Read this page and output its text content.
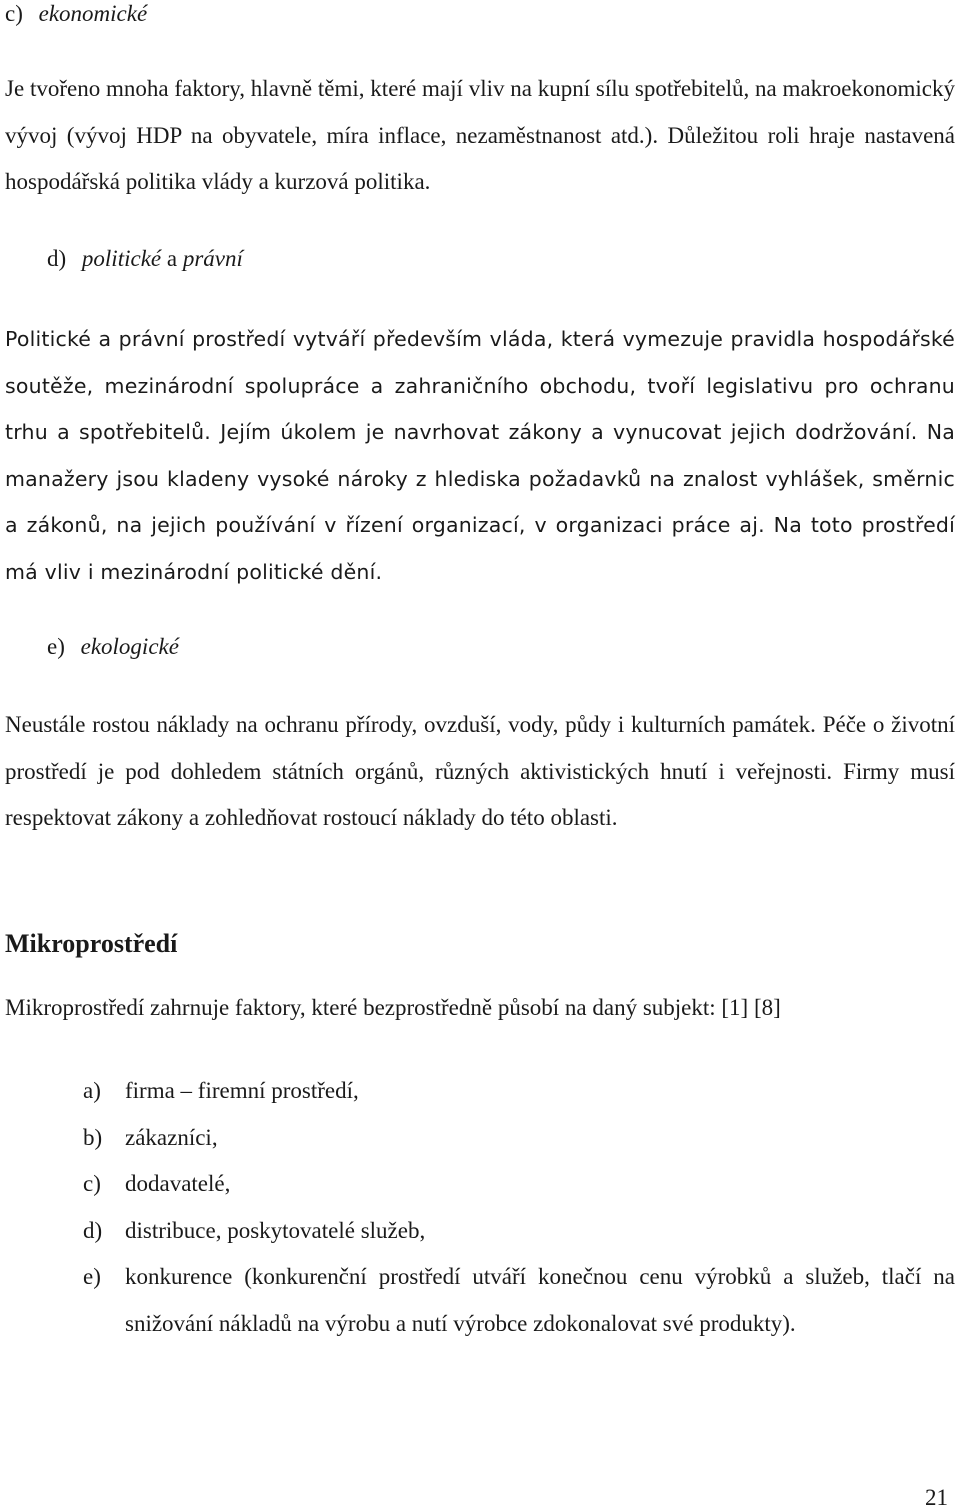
c) ekonomické
Je tvořeno mnoha faktory, hlavně těmi, které mají vliv na kupní sílu spotřebitelů, na makroekonomický vývoj (vývoj HDP na obyvatele, míra inflace, nezaměstnanost atd.). Důležitou roli hraje nastavená hospodářská politika vlády a kurzová politika.
d) politické a právní
Politické a právní prostředí vytváří především vláda, která vymezuje pravidla hospodářské soutěže, mezinárodní spolupráce a zahraničního obchodu, tvoří legislativu pro ochranu trhu a spotřebitelů. Jejím úkolem je navrhovat zákony a vynucovat jejich dodržování. Na manažery jsou kladeny vysoké nároky z hlediska požadavků na znalost vyhlášek, směrnic a zákonů, na jejich používání v řízení organizací, v organizaci práce aj. Na toto prostředí má vliv i mezinárodní politické dění.
e) ekologické
Neustále rostou náklady na ochranu přírody, ovzduší, vody, půdy i kulturních památek. Péče o životní prostředí je pod dohledem státních orgánů, různých aktivistických hnutí i veřejnosti. Firmy musí respektovat zákony a zohledňovat rostoucí náklady do této oblasti.
Mikroprostředí
Mikroprostředí zahrnuje faktory, které bezprostředně působí na daný subjekt: [1] [8]
a) firma – firemní prostředí,
b) zákazníci,
c) dodavatelé,
d) distribuce, poskytovatelé služeb,
e) konkurence (konkurenční prostředí utváří konečnou cenu výrobků a služeb, tlačí na snižování nákladů na výrobu a nutí výrobce zdokonalovat své produkty).
21
